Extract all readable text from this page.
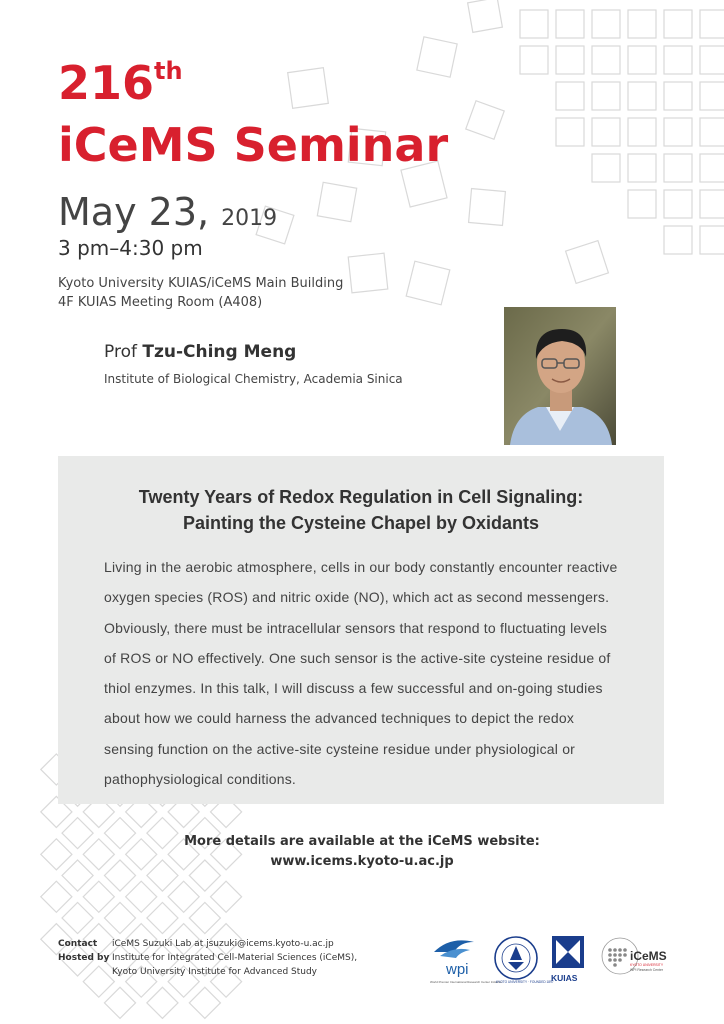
216th
iCeMS Seminar
May 23, 2019
3 pm–4:30 pm
Kyoto University KUIAS/iCeMS Main Building
4F KUIAS Meeting Room (A408)
Prof Tzu-Ching Meng
Institute of Biological Chemistry, Academia Sinica
Twenty Years of Redox Regulation in Cell Signaling:
Painting the Cysteine Chapel by Oxidants

Living in the aerobic atmosphere, cells in our body constantly encounter reactive oxygen species (ROS) and nitric oxide (NO), which act as second messengers. Obviously, there must be intracellular sensors that respond to fluctuating levels of ROS or NO effectively. One such sensor is the active-site cysteine residue of thiol enzymes. In this talk, I will discuss a few successful and on-going studies about how we could harness the advanced techniques to depict the redox sensing function on the active-site cysteine residue under physiological or pathophysiological conditions.

More details are available at the iCeMS website:
www.icems.kyoto-u.ac.jp
Contact iCeMS Suzuki Lab at jsuzuki@icems.kyoto-u.ac.jp
Hosted by Institute for Integrated Cell-Material Sciences (iCeMS),
Kyoto University Institute for Advanced Study	wpi
World Premier International Research Center Initiative
KYOTO UNIVERSITY · FOUNDED 1897
KUIAS
iCeMS
KYOTO UNIVERSITY
WPI Research Center
